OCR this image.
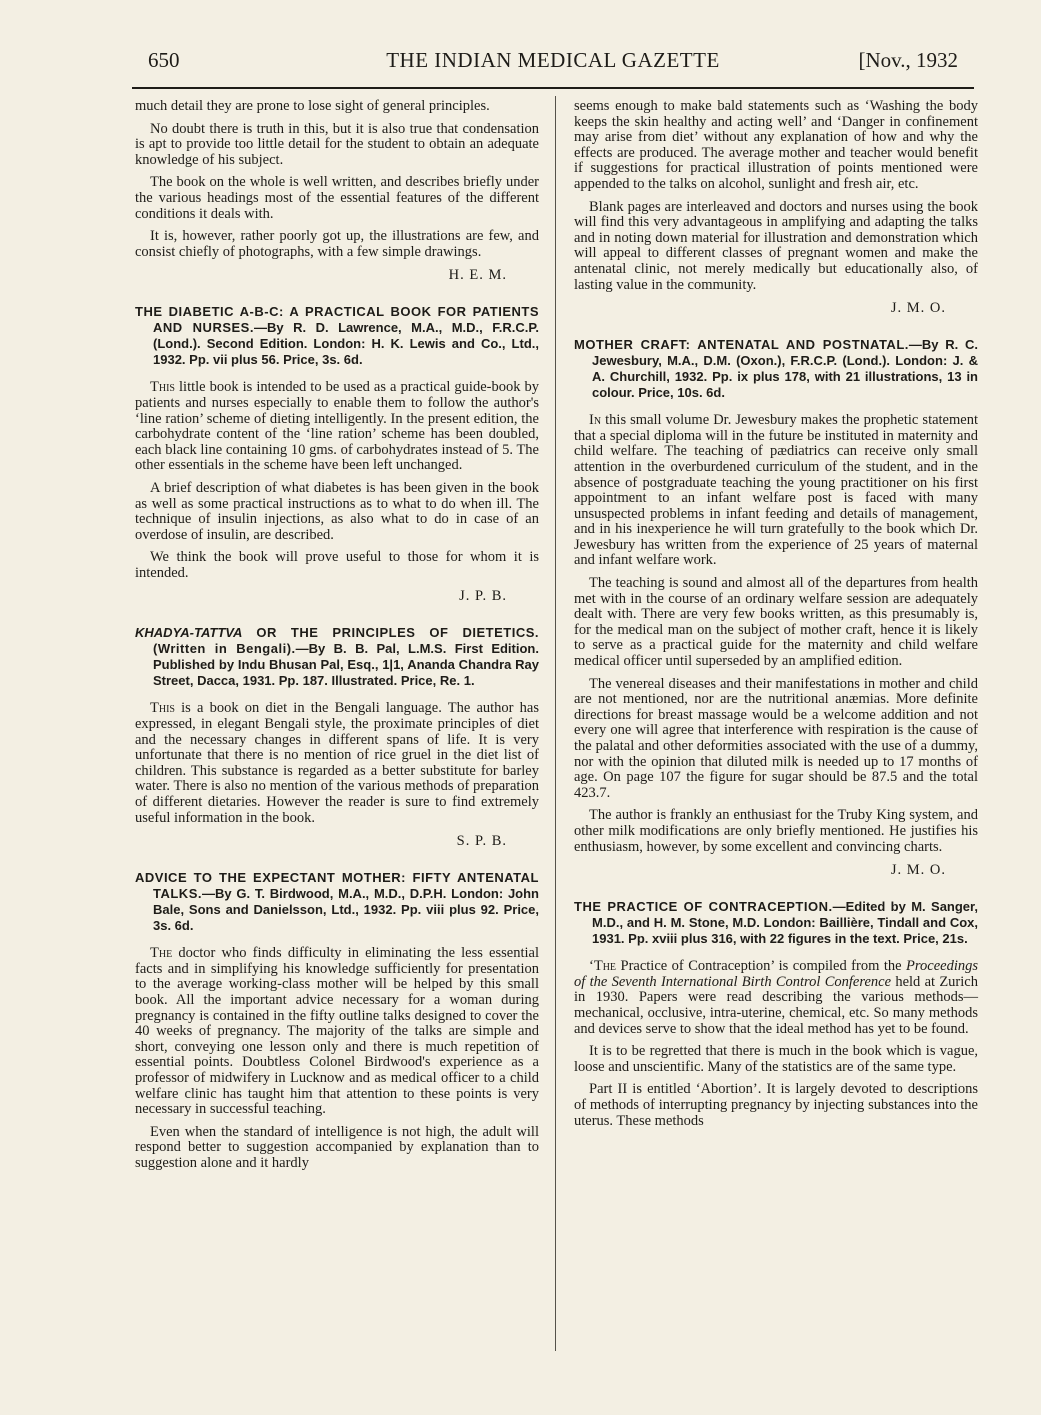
650	THE INDIAN MEDICAL GAZETTE	[Nov., 1932

much detail they are prone to lose sight of general principles.

No doubt there is truth in this, but it is also true that condensation is apt to provide too little detail for the student to obtain an adequate knowledge of his subject.

The book on the whole is well written, and describes briefly under the various headings most of the essential features of the different conditions it deals with.

It is, however, rather poorly got up, the illustrations are few, and consist chiefly of photographs, with a few simple drawings.

H. E. M.
THE DIABETIC A-B-C: A PRACTICAL BOOK FOR PATIENTS AND NURSES.—By R. D. Lawrence, M.A., M.D., F.R.C.P. (Lond.). Second Edition. London: H. K. Lewis and Co., Ltd., 1932. Pp. vii plus 56. Price, 3s. 6d.

This little book is intended to be used as a practical guide-book by patients and nurses especially to enable them to follow the author's ‘line ration’ scheme of dieting intelligently. In the present edition, the carbohydrate content of the ‘line ration’ scheme has been doubled, each black line containing 10 gms. of carbohydrates instead of 5. The other essentials in the scheme have been left unchanged.

A brief description of what diabetes is has been given in the book as well as some practical instructions as to what to do when ill. The technique of insulin injections, as also what to do in case of an overdose of insulin, are described.

We think the book will prove useful to those for whom it is intended.

J. P. B.
KHADYA-TATTVA OR THE PRINCIPLES OF DIETETICS. (Written in Bengali).—By B. B. Pal, L.M.S. First Edition. Published by Indu Bhusan Pal, Esq., 1|1, Ananda Chandra Ray Street, Dacca, 1931. Pp. 187. Illustrated. Price, Re. 1.

This is a book on diet in the Bengali language. The author has expressed, in elegant Bengali style, the proximate principles of diet and the necessary changes in different spans of life. It is very unfortunate that there is no mention of rice gruel in the diet list of children. This substance is regarded as a better substitute for barley water. There is also no mention of the various methods of preparation of different dietaries. However the reader is sure to find extremely useful information in the book.

S. P. B.
ADVICE TO THE EXPECTANT MOTHER: FIFTY ANTENATAL TALKS.—By G. T. Birdwood, M.A., M.D., D.P.H. London: John Bale, Sons and Danielsson, Ltd., 1932. Pp. viii plus 92. Price, 3s. 6d.

The doctor who finds difficulty in eliminating the less essential facts and in simplifying his knowledge sufficiently for presentation to the average working-class mother will be helped by this small book. All the important advice necessary for a woman during pregnancy is contained in the fifty outline talks designed to cover the 40 weeks of pregnancy. The majority of the talks are simple and short, conveying one lesson only and there is much repetition of essential points. Doubtless Colonel Birdwood's experience as a professor of midwifery in Lucknow and as medical officer to a child welfare clinic has taught him that attention to these points is very necessary in successful teaching.

Even when the standard of intelligence is not high, the adult will respond better to suggestion accompanied by explanation than to suggestion alone and it hardly

seems enough to make bald statements such as ‘Washing the body keeps the skin healthy and acting well’ and ‘Danger in confinement may arise from diet’ without any explanation of how and why the effects are produced. The average mother and teacher would benefit if suggestions for practical illustration of points mentioned were appended to the talks on alcohol, sunlight and fresh air, etc.

Blank pages are interleaved and doctors and nurses using the book will find this very advantageous in amplifying and adapting the talks and in noting down material for illustration and demonstration which will appeal to different classes of pregnant women and make the antenatal clinic, not merely medically but educationally also, of lasting value in the community.

J. M. O.
MOTHER CRAFT: ANTENATAL AND POSTNATAL.—By R. C. Jewesbury, M.A., D.M. (Oxon.), F.R.C.P. (Lond.). London: J. & A. Churchill, 1932. Pp. ix plus 178, with 21 illustrations, 13 in colour. Price, 10s. 6d.

In this small volume Dr. Jewesbury makes the prophetic statement that a special diploma will in the future be instituted in maternity and child welfare. The teaching of pædiatrics can receive only small attention in the overburdened curriculum of the student, and in the absence of postgraduate teaching the young practitioner on his first appointment to an infant welfare post is faced with many unsuspected problems in infant feeding and details of management, and in his inexperience he will turn gratefully to the book which Dr. Jewesbury has written from the experience of 25 years of maternal and infant welfare work.

The teaching is sound and almost all of the departures from health met with in the course of an ordinary welfare session are adequately dealt with. There are very few books written, as this presumably is, for the medical man on the subject of mother craft, hence it is likely to serve as a practical guide for the maternity and child welfare medical officer until superseded by an amplified edition.

The venereal diseases and their manifestations in mother and child are not mentioned, nor are the nutritional anæmias. More definite directions for breast massage would be a welcome addition and not every one will agree that interference with respiration is the cause of the palatal and other deformities associated with the use of a dummy, nor with the opinion that diluted milk is needed up to 17 months of age. On page 107 the figure for sugar should be 87.5 and the total 423.7.

The author is frankly an enthusiast for the Truby King system, and other milk modifications are only briefly mentioned. He justifies his enthusiasm, however, by some excellent and convincing charts.

J. M. O.
THE PRACTICE OF CONTRACEPTION.—Edited by M. Sanger, M.D., and H. M. Stone, M.D. London: Baillière, Tindall and Cox, 1931. Pp. xviii plus 316, with 22 figures in the text. Price, 21s.

‘The Practice of Contraception’ is compiled from the Proceedings of the Seventh International Birth Control Conference held at Zurich in 1930. Papers were read describing the various methods—mechanical, occlusive, intra-uterine, chemical, etc. So many methods and devices serve to show that the ideal method has yet to be found.

It is to be regretted that there is much in the book which is vague, loose and unscientific. Many of the statistics are of the same type.

Part II is entitled ‘Abortion’. It is largely devoted to descriptions of methods of interrupting pregnancy by injecting substances into the uterus. These methods
